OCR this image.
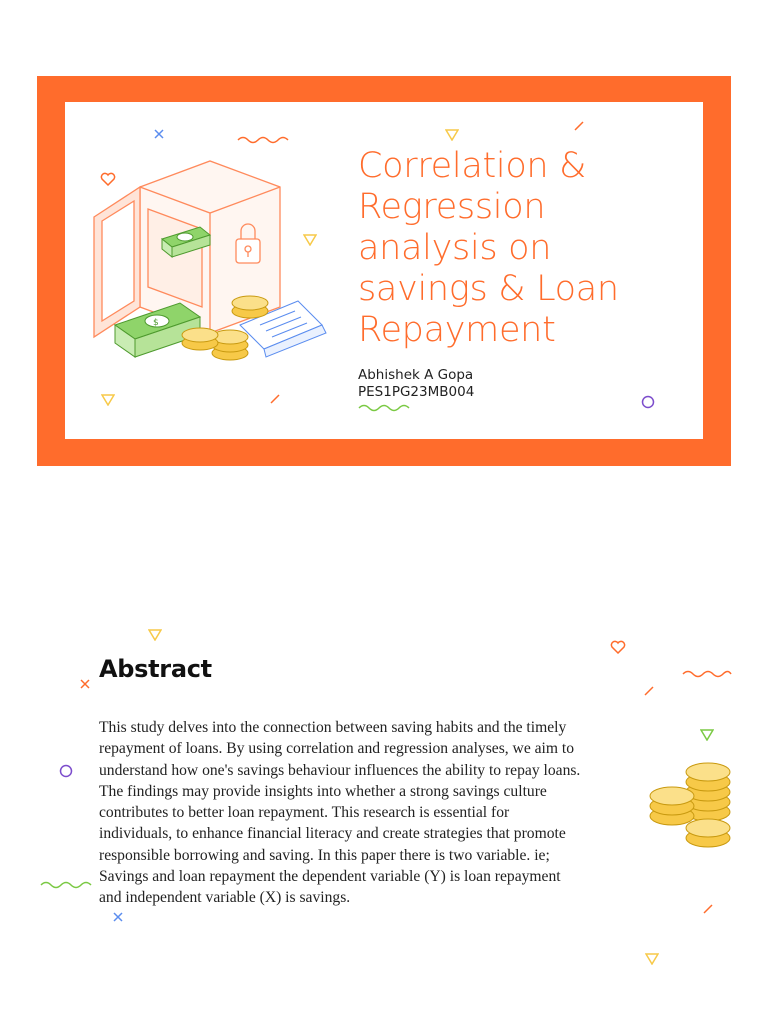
$
Correlation &
Regression
analysis on
savings & Loan
Repayment
Abhishek A Gopa
PES1PG23MB004
Abstract
This study delves into the connection between saving habits and the timely
repayment of loans. By using correlation and regression analyses, we aim to
understand how one's savings behaviour influences the ability to repay loans.
The findings may provide insights into whether a strong savings culture
contributes to better loan repayment. This research is essential for
individuals, to enhance financial literacy and create strategies that promote
responsible borrowing and saving. In this paper there is two variable. ie;
Savings and loan repayment the dependent variable (Y) is loan repayment
and independent variable (X) is savings.
